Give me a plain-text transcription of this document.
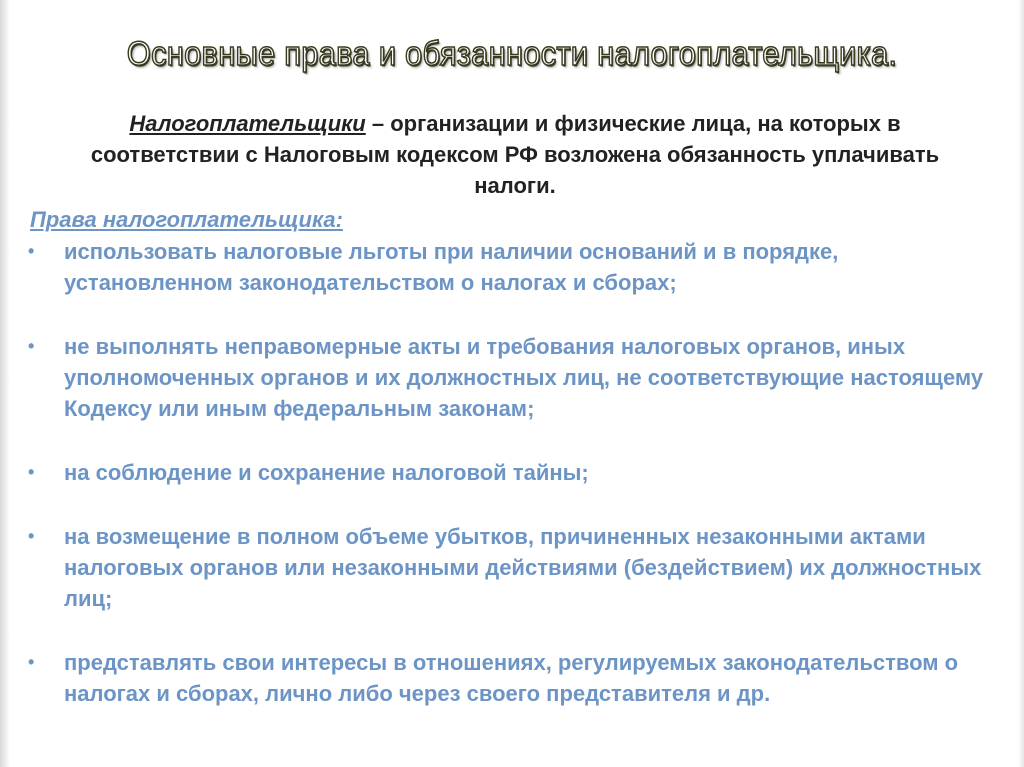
Основные права и обязанности налогоплательщика.
Налогоплательщики – организации и физические лица, на которых в соответствии с Налоговым кодексом РФ возложена обязанность уплачивать налоги.
Права налогоплательщика:
• использовать налоговые льготы при наличии оснований и в порядке, установленном законодательством о налогах и сборах;
• не выполнять неправомерные акты и требования налоговых органов, иных уполномоченных органов и их должностных лиц, не соответствующие настоящему Кодексу или иным федеральным законам;
• на соблюдение и сохранение налоговой тайны;
• на возмещение в полном объеме убытков, причиненных незаконными актами налоговых органов или незаконными действиями (бездействием) их должностных лиц;
• представлять свои интересы в отношениях, регулируемых законодательством о налогах и сборах, лично либо через своего представителя и др.
